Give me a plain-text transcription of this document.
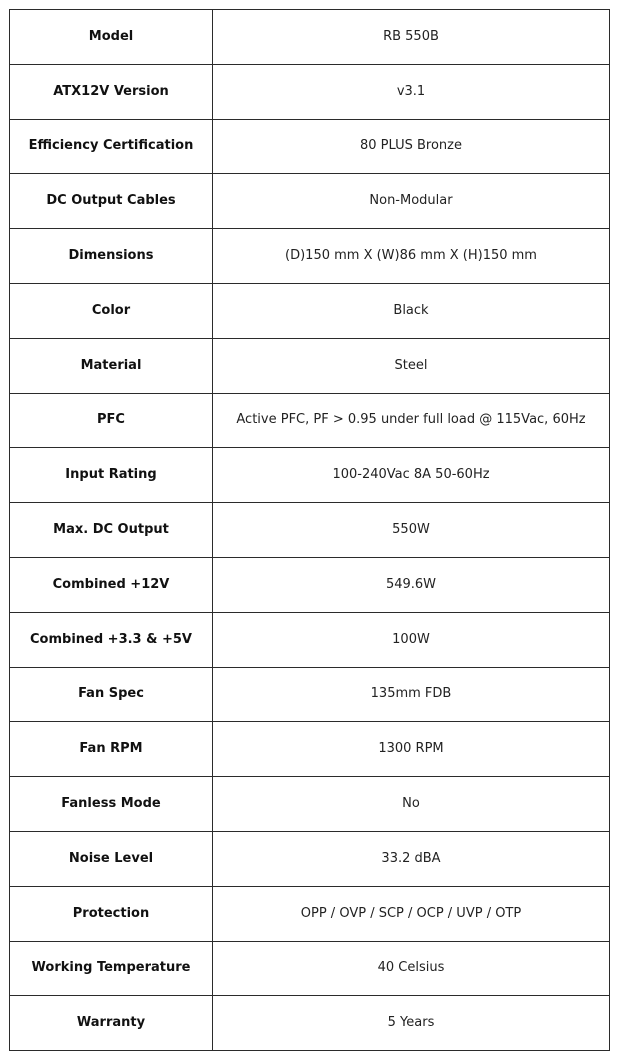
Model	RB 550B
ATX12V Version	v3.1
Efficiency Certification	80 PLUS Bronze
DC Output Cables	Non-Modular
Dimensions	(D)150 mm X (W)86 mm X (H)150 mm
Color	Black
Material	Steel
PFC	Active PFC, PF > 0.95 under full load @ 115Vac, 60Hz
Input Rating	100-240Vac 8A 50-60Hz
Max. DC Output	550W
Combined +12V	549.6W
Combined +3.3 & +5V	100W
Fan Spec	135mm FDB
Fan RPM	1300 RPM
Fanless Mode	No
Noise Level	33.2 dBA
Protection	OPP / OVP / SCP / OCP / UVP / OTP
Working Temperature	40 Celsius
Warranty	5 Years
